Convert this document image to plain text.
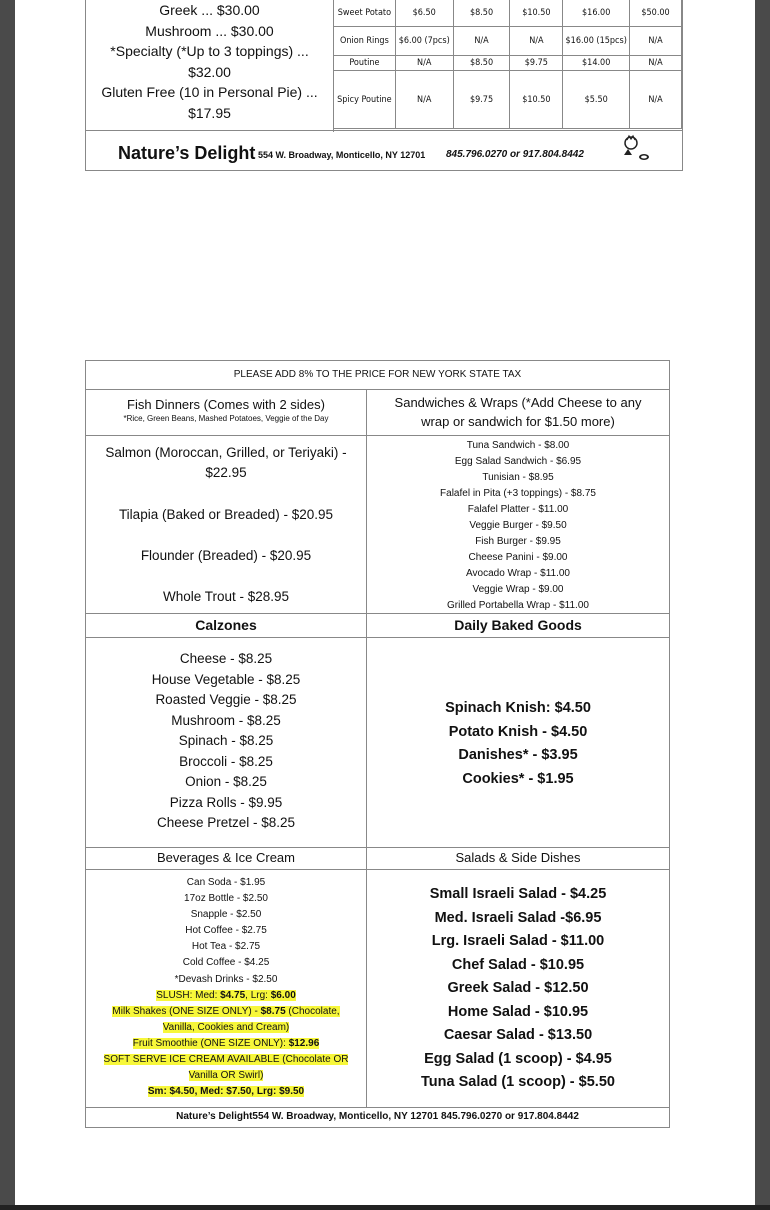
Greek ... $30.00
Mushroom ... $30.00
*Specialty (*Up to 3 toppings) ...
$32.00
Gluten Free (10 in Personal Pie) ...
$17.95
Sweet Potato	$6.50	$8.50	$10.50	$16.00	$50.00
Onion Rings	$6.00 (7pcs)	N/A	N/A	$16.00 (15pcs)	N/A
Poutine	N/A	$8.50	$9.75	$14.00	N/A
Spicy Poutine	N/A	$9.75	$10.50	$5.50	N/A
Nature’s Delight 554 W. Broadway, Monticello, NY 12701 845.796.0270 or 917.804.8442
PLEASE ADD 8% TO THE PRICE FOR NEW YORK STATE TAX
Fish Dinners (Comes with 2 sides)
*Rice, Green Beans, Mashed Potatoes, Veggie of the Day
Sandwiches & Wraps (*Add Cheese to any
wrap or sandwich for $1.50 more)
Salmon (Moroccan, Grilled, or Teriyaki) -
$22.95
Tilapia (Baked or Breaded) - $20.95
Flounder (Breaded) - $20.95
Whole Trout - $28.95
Tuna Sandwich - $8.00
Egg Salad Sandwich - $6.95
Tunisian - $8.95
Falafel in Pita (+3 toppings) - $8.75
Falafel Platter - $11.00
Veggie Burger - $9.50
Fish Burger - $9.95
Cheese Panini - $9.00
Avocado Wrap - $11.00
Veggie Wrap - $9.00
Grilled Portabella Wrap - $11.00
Calzones	Daily Baked Goods
Cheese - $8.25
House Vegetable - $8.25
Roasted Veggie - $8.25
Mushroom - $8.25
Spinach - $8.25
Broccoli - $8.25
Onion - $8.25
Pizza Rolls - $9.95
Cheese Pretzel - $8.25
Spinach Knish: $4.50
Potato Knish - $4.50
Danishes* - $3.95
Cookies* - $1.95
Beverages & Ice Cream	Salads & Side Dishes
Can Soda - $1.95
17oz Bottle - $2.50
Snapple - $2.50
Hot Coffee - $2.75
Hot Tea - $2.75
Cold Coffee - $4.25
*Devash Drinks - $2.50
SLUSH: Med: $4.75, Lrg: $6.00
Milk Shakes (ONE SIZE ONLY) - $8.75 (Chocolate,
Vanilla, Cookies and Cream)
Fruit Smoothie (ONE SIZE ONLY): $12.96
SOFT SERVE ICE CREAM AVAILABLE (Chocolate OR
Vanilla OR Swirl)
Sm: $4.50, Med: $7.50, Lrg: $9.50
Small Israeli Salad - $4.25
Med. Israeli Salad -$6.95
Lrg. Israeli Salad - $11.00
Chef Salad - $10.95
Greek Salad - $12.50
Home Salad - $10.95
Caesar Salad - $13.50
Egg Salad (1 scoop) - $4.95
Tuna Salad (1 scoop) - $5.50
Nature’s Delight554 W. Broadway, Monticello, NY 12701 845.796.0270 or 917.804.8442
